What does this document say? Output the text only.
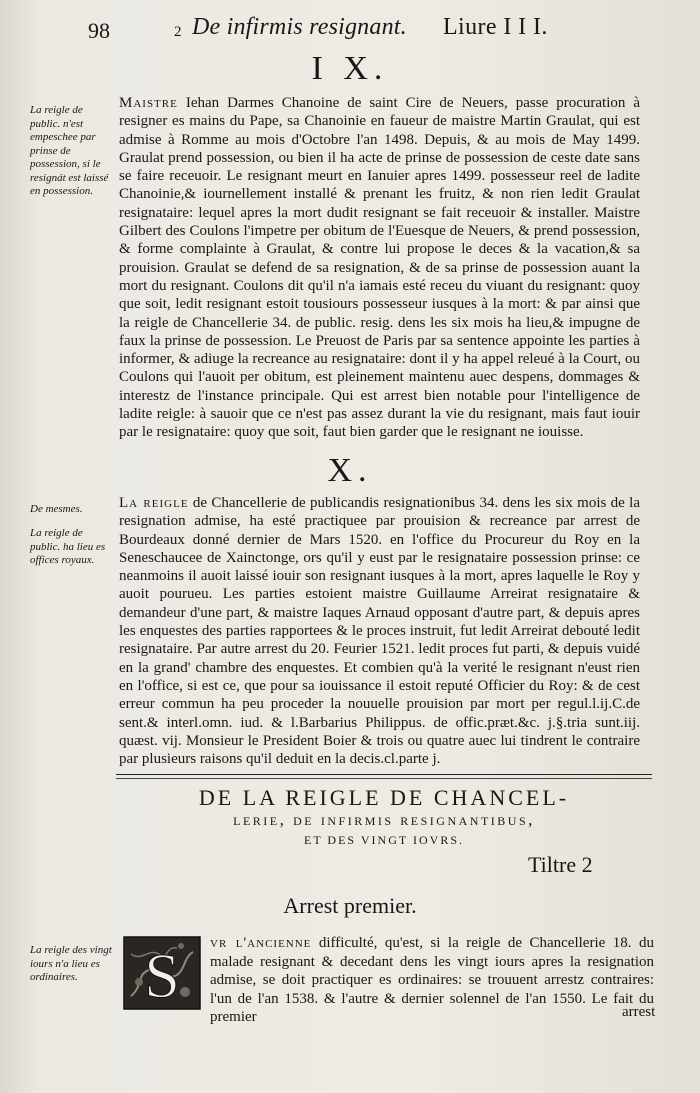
98	2 De infirmis resignant. Liure I I I.
I X.
La reigle de publiс. n'est empeschee par prinse de possession, si le resignát est laissé en possession.

Maistre Iehan Darmes Chanoine de saint Cire de Neuers, passe procuration à resigner es mains du Pape, sa Chanoinie en faueur de maistre Martin Graulat, qui est admise à Romme au mois d'Octobre l'an 1498. Depuis, & au mois de May 1499. Graulat prend possession, ou bien il ha acte de prinse de possession de ceste date sans se faire receuoir. Le resignant meurt en Ianuier apres 1499. possesseur reel de ladite Chanoinie,& iournellement installé & prenant les fruitz, & non rien ledit Graulat resignataire: lequel apres la mort dudit resignant se fait receuoir & installer. Maistre Gilbert des Coulons l'impetre per obitum de l'Euesque de Neuers, & prend possession, & forme complainte à Graulat, & contre lui propose le deces & la vacation,& sa prouision. Graulat se defend de sa resignation, & de sa prinse de possession auant la mort du resignant. Coulons dit qu'il n'a iamais esté receu du viuant du resignant: quoy que soit, ledit resignant estoit tousiours possesseur iusques à la mort: & par ainsi que la reigle de Chancellerie 34. de public. resig. dens les six mois ha lieu,& impugne de faux la prinse de possession. Le Preuost de Paris par sa sentence appointe les parties à informer, & adiuge la recreance au resignataire: dont il y ha appel releué à la Court, ou Coulons qui l'auoit per obitum, est pleinement maintenu auec despens, dommages & interestz de l'instance principale. Qui est arrest bien notable pour l'intelligence de ladite reigle: à sauoir que ce n'est pas assez durant la vie du resignant, mais faut iouir par le resignataire: quoy que soit, faut bien garder que le resignant ne iouisse.

X.
De mesmes.
La reigle de public. ha lieu es offices royaux.

La reigle de Chancellerie de publicandis resignationibus 34. dens les six mois de la resignation admise, ha esté practiquee par prouision & recreance par arrest de Bourdeaux donné dernier de Mars 1520. en l'office du Procureur du Roy en la Seneschaucee de Xainctonge, ors qu'il y eust par le resignataire possession prinse: ce neanmoins il auoit laissé iouir son resignant iusques à la mort, apres laquelle le Roy y auoit pourueu. Les parties estoient maistre Guillaume Arreirat resignataire & demandeur d'une part, & maistre Iaques Arnaud opposant d'autre part, & depuis apres les enquestes des parties rapportees & le proces instruit, fut ledit Arreirat debouté ledit resignataire. Par autre arrest du 20. Feurier 1521. ledit proces fut parti, & depuis vuidé en la grand' chambre des enquestes. Et combien qu'à la verité le resignant n'eust rien en l'office, si est ce, que pour sa iouissance il estoit reputé Officier du Roy: & de cest erreur commun ha peu proceder la nouuelle prouision par mort per regul.l.ij.C.de sent.& interl.omn. iud. & l.Barbarius Philippus. de offic.præt.&c. j.§.tria sunt.iij. quæst. vij. Monsieur le President Boier & trois ou quatre auec lui tindrent le contraire par plusieurs raisons qu'il deduit en la decis.cl.parte j.

DE LA REIGLE DE CHANCEL-
lerie, de infirmis resignantibus,
ET DES VINGT IOVRS.
Tiltre 2
Arrest premier.
La reigle des vingt iours n'a lieu es ordinaires.	S vr l'ancienne difficulté, qu'est, si la reigle de Chancellerie 18. du malade resignant & decedant dens les vingt iours apres la resignation admise, se doit practiquer es ordinaires: se trouuent arrestz contraires: l'un de l'an 1538. & l'autre & dernier solennel de l'an 1550. Le fait du premier	arrest
